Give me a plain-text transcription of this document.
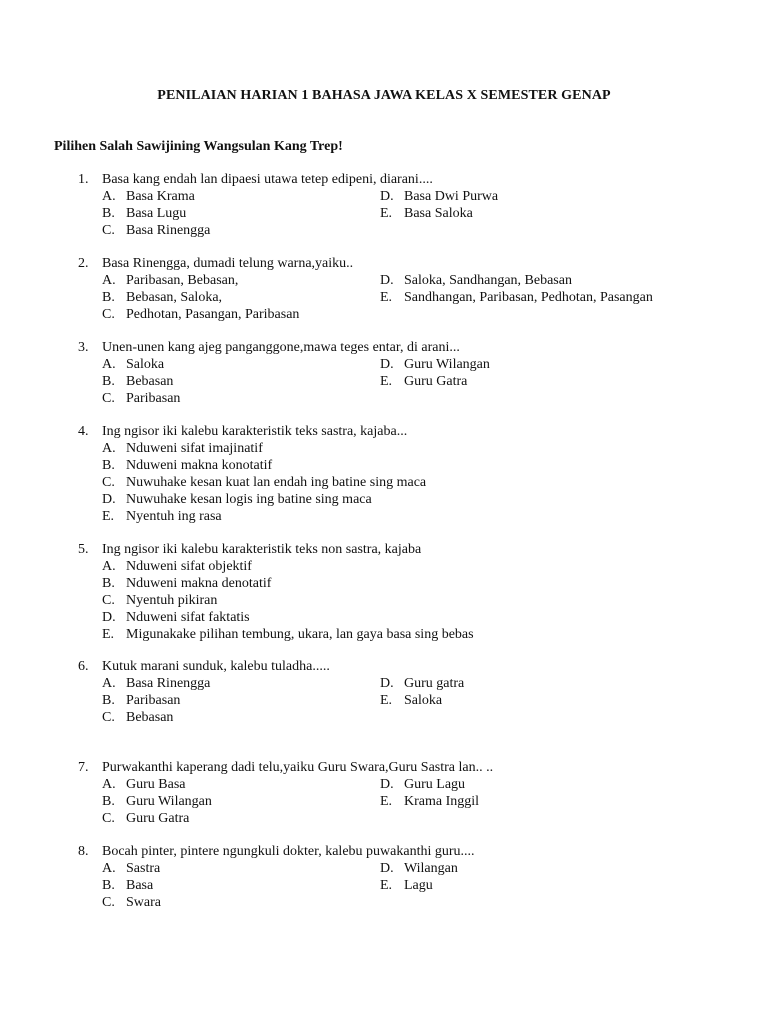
PENILAIAN HARIAN 1 BAHASA JAWA KELAS X SEMESTER GENAP
Pilihen Salah Sawijining Wangsulan Kang Trep!
1. Basa kang endah lan dipaesi utawa tetep edipeni, diarani....
A. Basa Krama
B. Basa Lugu
C. Basa Rinengga
D. Basa Dwi Purwa
E. Basa Saloka
2. Basa Rinengga, dumadi telung warna,yaiku..
A. Paribasan, Bebasan,
B. Bebasan, Saloka,
C. Pedhotan, Pasangan, Paribasan
D. Saloka, Sandhangan, Bebasan
E. Sandhangan, Paribasan, Pedhotan, Pasangan
3. Unen-unen kang ajeg panganggone,mawa teges entar, di arani...
A. Saloka
B. Bebasan
C. Paribasan
D. Guru Wilangan
E. Guru Gatra
4. Ing ngisor iki kalebu karakteristik teks sastra, kajaba...
A. Nduweni sifat imajinatif
B. Nduweni makna konotatif
C. Nuwuhake kesan kuat lan endah ing batine sing maca
D. Nuwuhake kesan logis ing batine sing maca
E. Nyentuh ing rasa
5. Ing ngisor iki kalebu karakteristik teks non sastra, kajaba
A. Nduweni sifat objektif
B. Nduweni makna denotatif
C. Nyentuh pikiran
D. Nduweni sifat faktatis
E. Migunakake pilihan tembung, ukara, lan gaya basa sing bebas
6. Kutuk marani sunduk, kalebu tuladha.....
A. Basa Rinengga
B. Paribasan
C. Bebasan
D. Guru gatra
E. Saloka
7. Purwakanthi kaperang dadi telu,yaiku Guru Swara,Guru Sastra lan.. ..
A. Guru Basa
B. Guru Wilangan
C. Guru Gatra
D. Guru Lagu
E. Krama Inggil
8. Bocah pinter, pintere ngungkuli dokter, kalebu puwakanthi guru....
A. Sastra
B. Basa
C. Swara
D. Wilangan
E. Lagu
